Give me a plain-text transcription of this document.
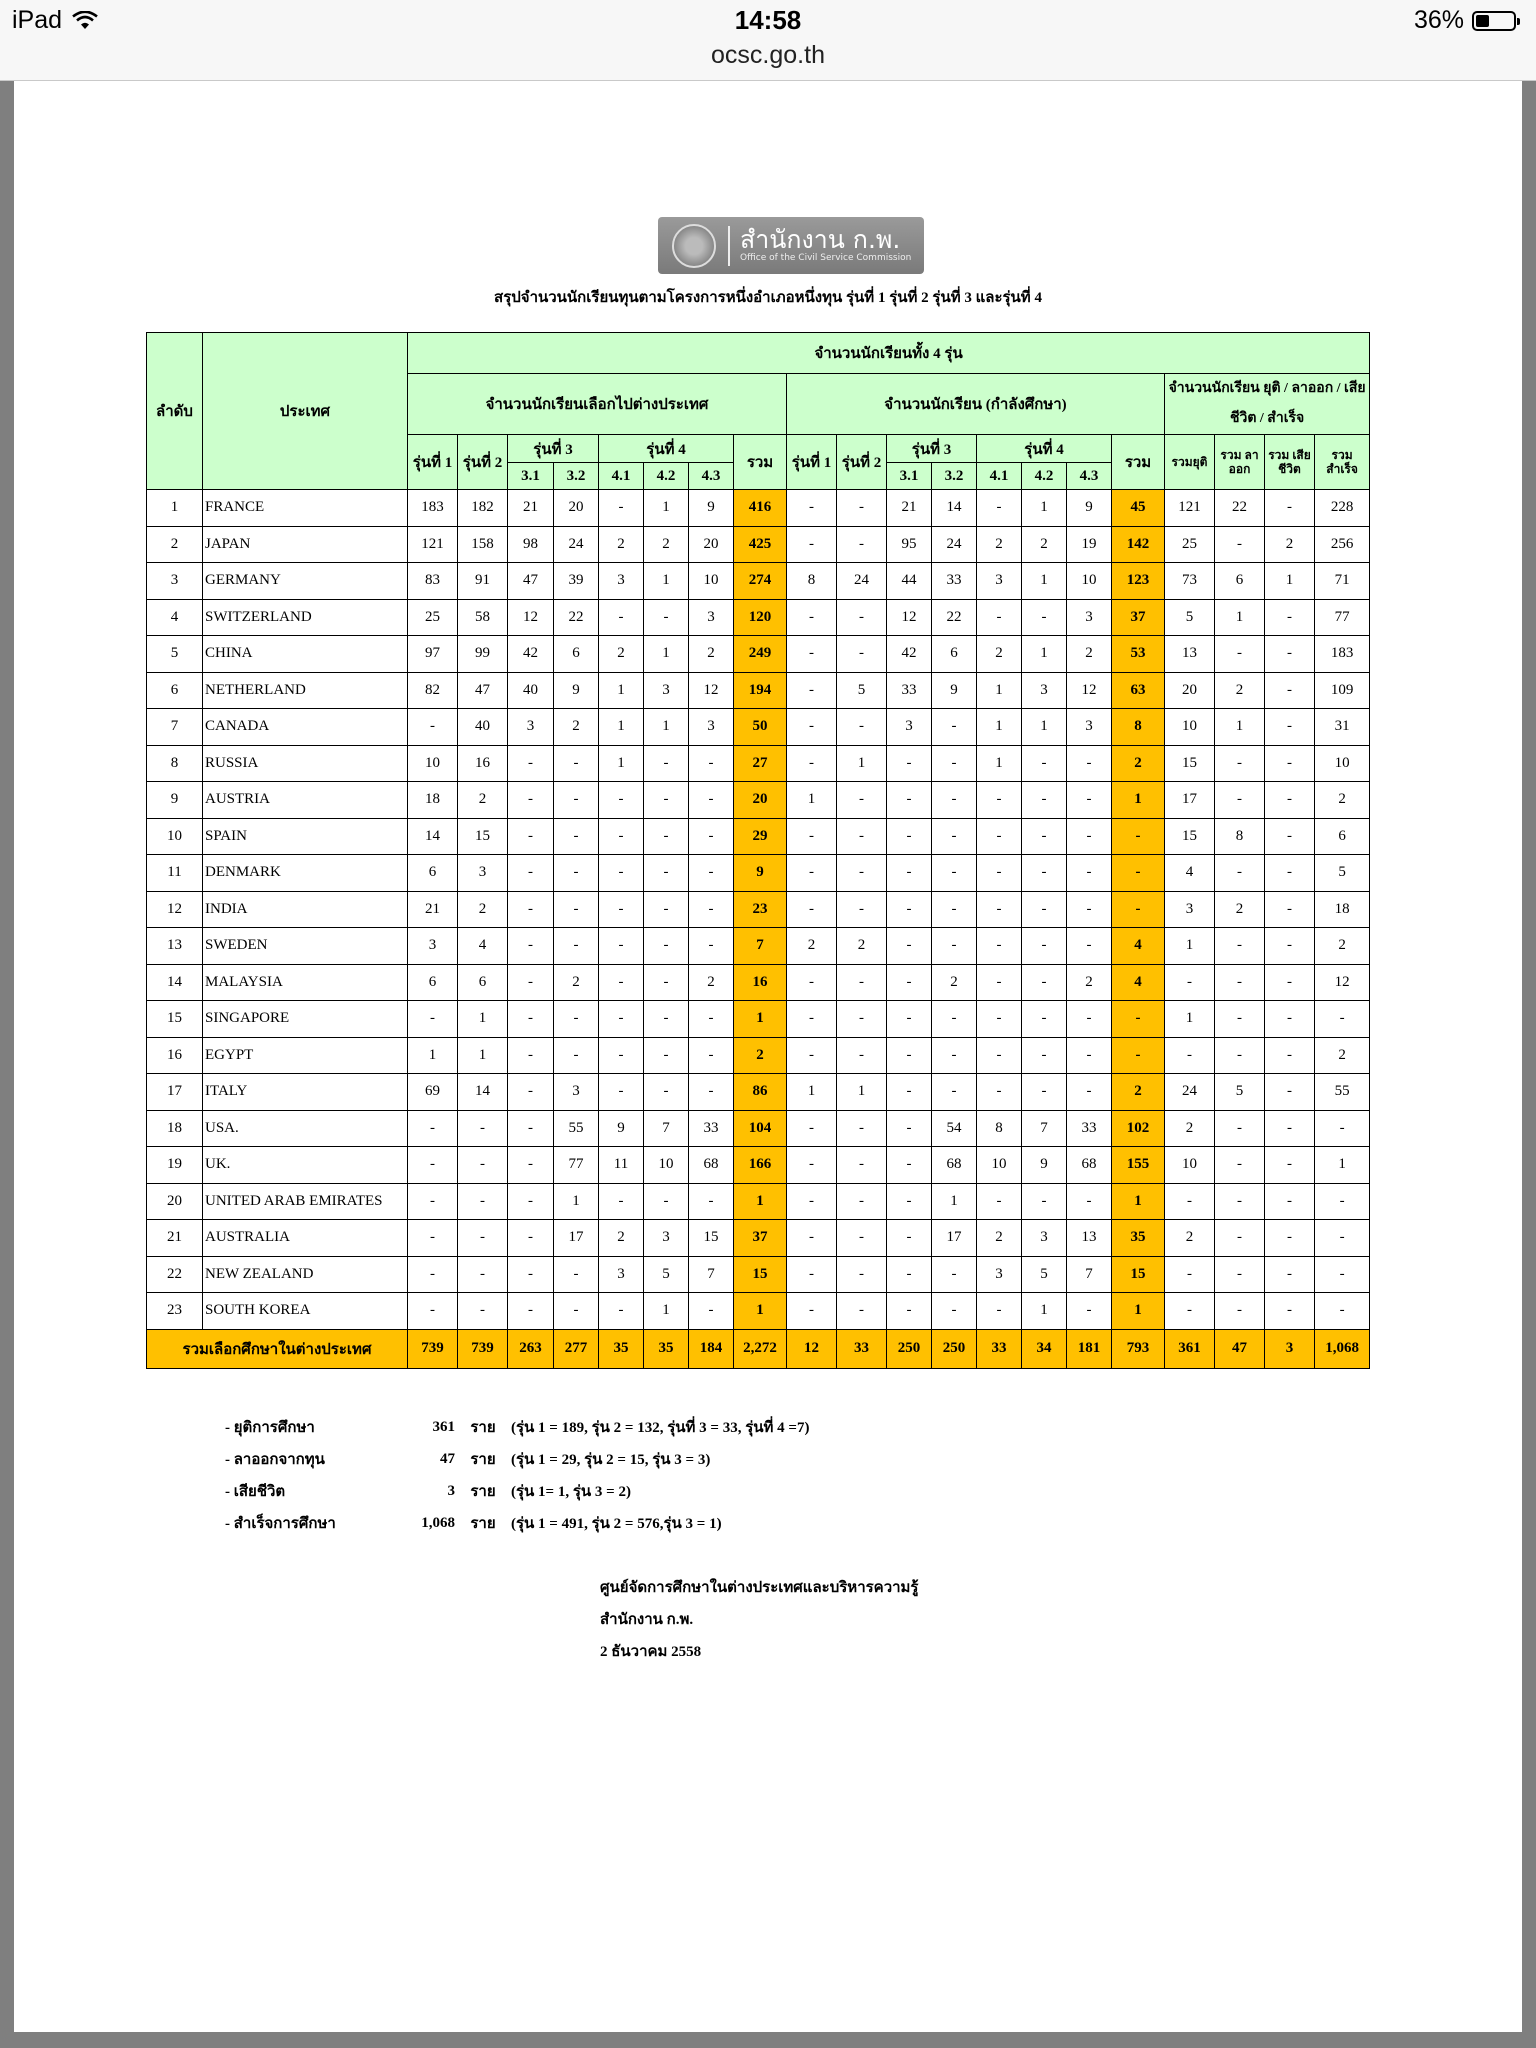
iPad	14:58
ocsc.go.th
36%
สำนักงาน ก.พ.
Office of the Civil Service Commission
สรุปจำนวนนักเรียนทุนตามโครงการหนึ่งอำเภอหนึ่งทุน รุ่นที่ 1 รุ่นที่ 2 รุ่นที่ 3 และรุ่นที่ 4
ลำดับ	ประเทศ	จำนวนนักเรียนทั้ง 4 รุ่น																			
		จำนวนนักเรียนเลือกไปต่างประเทศ								จำนวนนักเรียน (กำลังศึกษา)								จำนวนนักเรียน ยุติ / ลาออก / เสียชีวิต / สำเร็จ			
		รุ่นที่ 1	รุ่นที่ 2	รุ่นที่ 3		รุ่นที่ 4			รวม	รุ่นที่ 1	รุ่นที่ 2	รุ่นที่ 3		รุ่นที่ 4			รวม	รวมยุติ	รวม ลาออก	รวม เสียชีวิต	รวม สำเร็จ
				3.1	3.2	4.1	4.2	4.3				3.1	3.2	4.1	4.2	4.3					
1	FRANCE	183	182	21	20	-	1	9	416	-	-	21	14	-	1	9	45	121	22	-	228
2	JAPAN	121	158	98	24	2	2	20	425	-	-	95	24	2	2	19	142	25	-	2	256
3	GERMANY	83	91	47	39	3	1	10	274	8	24	44	33	3	1	10	123	73	6	1	71
4	SWITZERLAND	25	58	12	22	-	-	3	120	-	-	12	22	-	-	3	37	5	1	-	77
5	CHINA	97	99	42	6	2	1	2	249	-	-	42	6	2	1	2	53	13	-	-	183
6	NETHERLAND	82	47	40	9	1	3	12	194	-	5	33	9	1	3	12	63	20	2	-	109
7	CANADA	-	40	3	2	1	1	3	50	-	-	3	-	1	1	3	8	10	1	-	31
8	RUSSIA	10	16	-	-	1	-	-	27	-	1	-	-	1	-	-	2	15	-	-	10
9	AUSTRIA	18	2	-	-	-	-	-	20	1	-	-	-	-	-	-	1	17	-	-	2
10	SPAIN	14	15	-	-	-	-	-	29	-	-	-	-	-	-	-	-	15	8	-	6
11	DENMARK	6	3	-	-	-	-	-	9	-	-	-	-	-	-	-	-	4	-	-	5
12	INDIA	21	2	-	-	-	-	-	23	-	-	-	-	-	-	-	-	3	2	-	18
13	SWEDEN	3	4	-	-	-	-	-	7	2	2	-	-	-	-	-	4	1	-	-	2
14	MALAYSIA	6	6	-	2	-	-	2	16	-	-	-	2	-	-	2	4	-	-	-	12
15	SINGAPORE	-	1	-	-	-	-	-	1	-	-	-	-	-	-	-	-	1	-	-	-
16	EGYPT	1	1	-	-	-	-	-	2	-	-	-	-	-	-	-	-	-	-	-	2
17	ITALY	69	14	-	3	-	-	-	86	1	1	-	-	-	-	-	2	24	5	-	55
18	USA.	-	-	-	55	9	7	33	104	-	-	-	54	8	7	33	102	2	-	-	-
19	UK.	-	-	-	77	11	10	68	166	-	-	-	68	10	9	68	155	10	-	-	1
20	UNITED ARAB EMIRATES	-	-	-	1	-	-	-	1	-	-	-	1	-	-	-	1	-	-	-	-
21	AUSTRALIA	-	-	-	17	2	3	15	37	-	-	-	17	2	3	13	35	2	-	-	-
22	NEW ZEALAND	-	-	-	-	3	5	7	15	-	-	-	-	3	5	7	15	-	-	-	-
23	SOUTH KOREA	-	-	-	-	-	1	-	1	-	-	-	-	-	1	-	1	-	-	-	-
รวมเลือกศึกษาในต่างประเทศ		739	739	263	277	35	35	184	2,272	12	33	250	250	33	34	181	793	361	47	3	1,068
- ยุติการศึกษา	361	ราย	(รุ่น 1 = 189, รุ่น 2 = 132, รุ่นที่ 3 = 33, รุ่นที่ 4 =7)
- ลาออกจากทุน	47	ราย	(รุ่น 1 = 29, รุ่น 2 = 15, รุ่น 3 = 3)
- เสียชีวิต	3	ราย	(รุ่น 1= 1, รุ่น 3 = 2)
- สำเร็จการศึกษา	1,068	ราย	(รุ่น 1 = 491, รุ่น 2 = 576,รุ่น 3 = 1)
ศูนย์จัดการศึกษาในต่างประเทศและบริหารความรู้
สำนักงาน ก.พ.
2 ธันวาคม 2558
